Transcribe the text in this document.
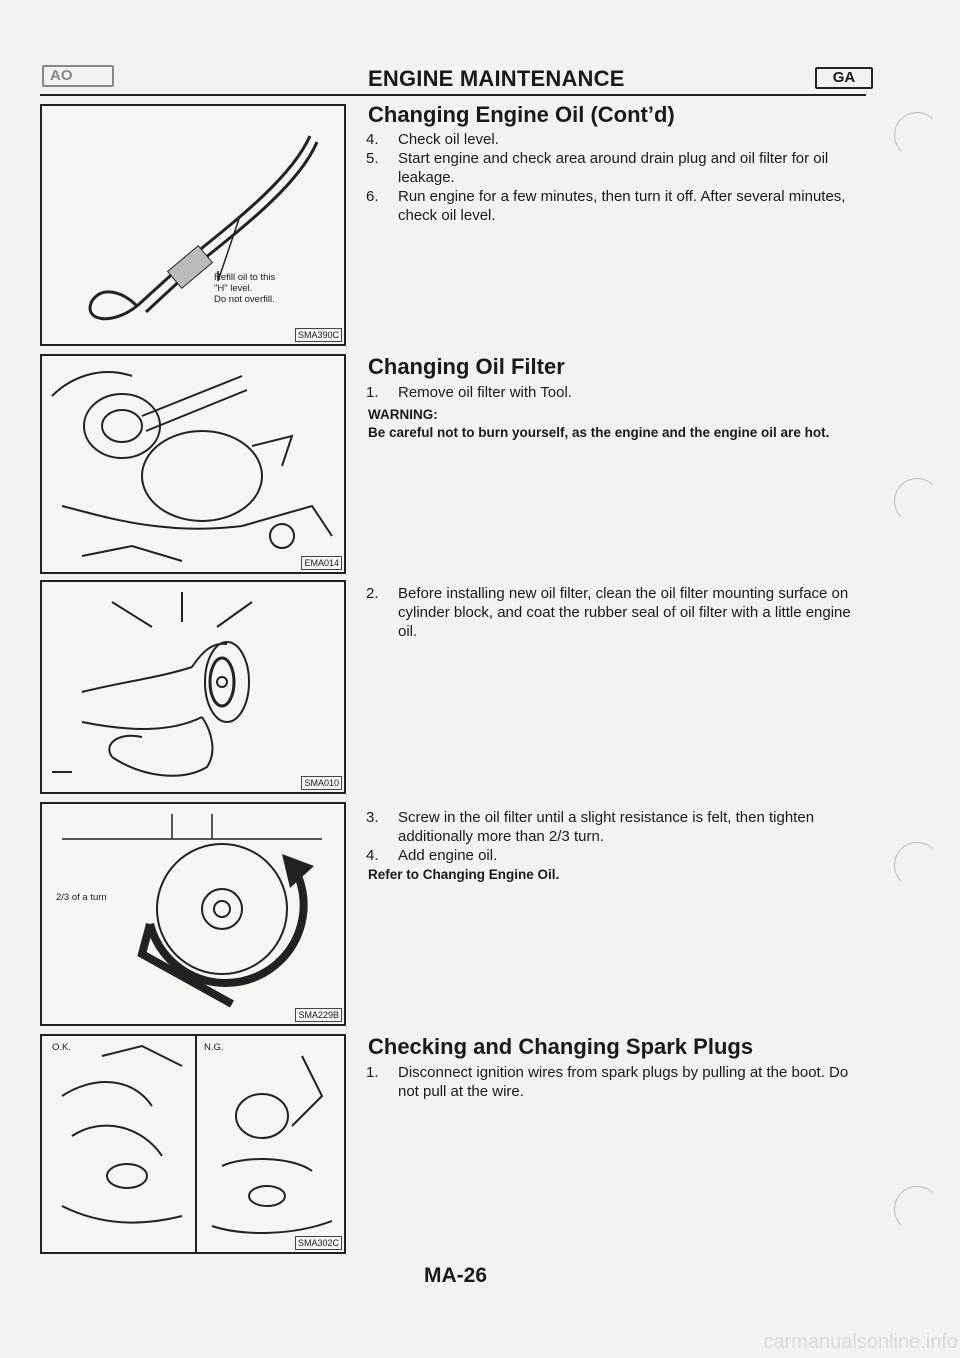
AO	ENGINE MAINTENANCE	GA
Refill oil to this
"H" level.
Do not overfill.
SMA390C
EMA014
SMA010
2/3 of a turn
SMA229B
O.K.	N.G.
SMA302C
Changing Engine Oil (Cont’d)
4. Check oil level.
5. Start engine and check area around drain plug and oil filter for oil leakage.
6. Run engine for a few minutes, then turn it off. After several minutes, check oil level.
Changing Oil Filter
1. Remove oil filter with Tool.
WARNING:
Be careful not to burn yourself, as the engine and the engine oil are hot.
2. Before installing new oil filter, clean the oil filter mounting surface on cylinder block, and coat the rubber seal of oil filter with a little engine oil.
3. Screw in the oil filter until a slight resistance is felt, then tighten additionally more than 2/3 turn.
4. Add engine oil.
Refer to Changing Engine Oil.
Checking and Changing Spark Plugs
1. Disconnect ignition wires from spark plugs by pulling at the boot. Do not pull at the wire.
MA-26
carmanualsonline.info
